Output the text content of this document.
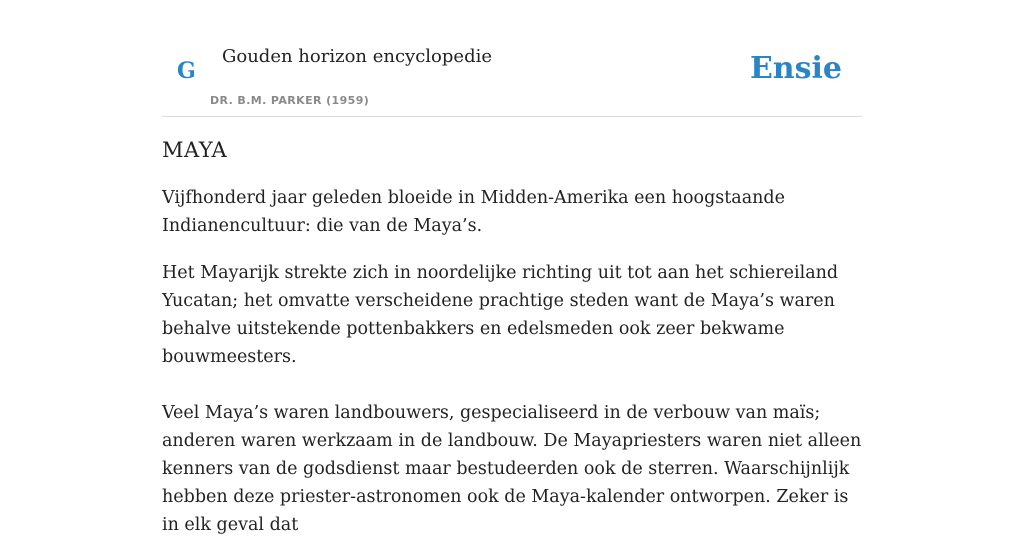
G
Gouden horizon encyclopedie
DR. B.M. PARKER (1959)
Ensie
MAYA

Vijfhonderd jaar geleden bloeide in Midden-Amerika een hoogstaande Indianencultuur: die van de Maya’s.

Het Mayarijk strekte zich in noordelijke richting uit tot aan het schiereiland Yucatan; het omvatte verscheidene prachtige steden want de Maya’s waren behalve uitstekende pottenbakkers en edelsmeden ook zeer bekwame bouwmeesters.

Veel Maya’s waren landbouwers, gespecialiseerd in de verbouw van maïs; anderen waren werkzaam in de landbouw. De Mayapriesters waren niet alleen kenners van de godsdienst maar bestudeerden ook de sterren. Waarschijnlijk hebben deze priester-astronomen ook de Maya-kalender ontworpen. Zeker is in elk geval dat
